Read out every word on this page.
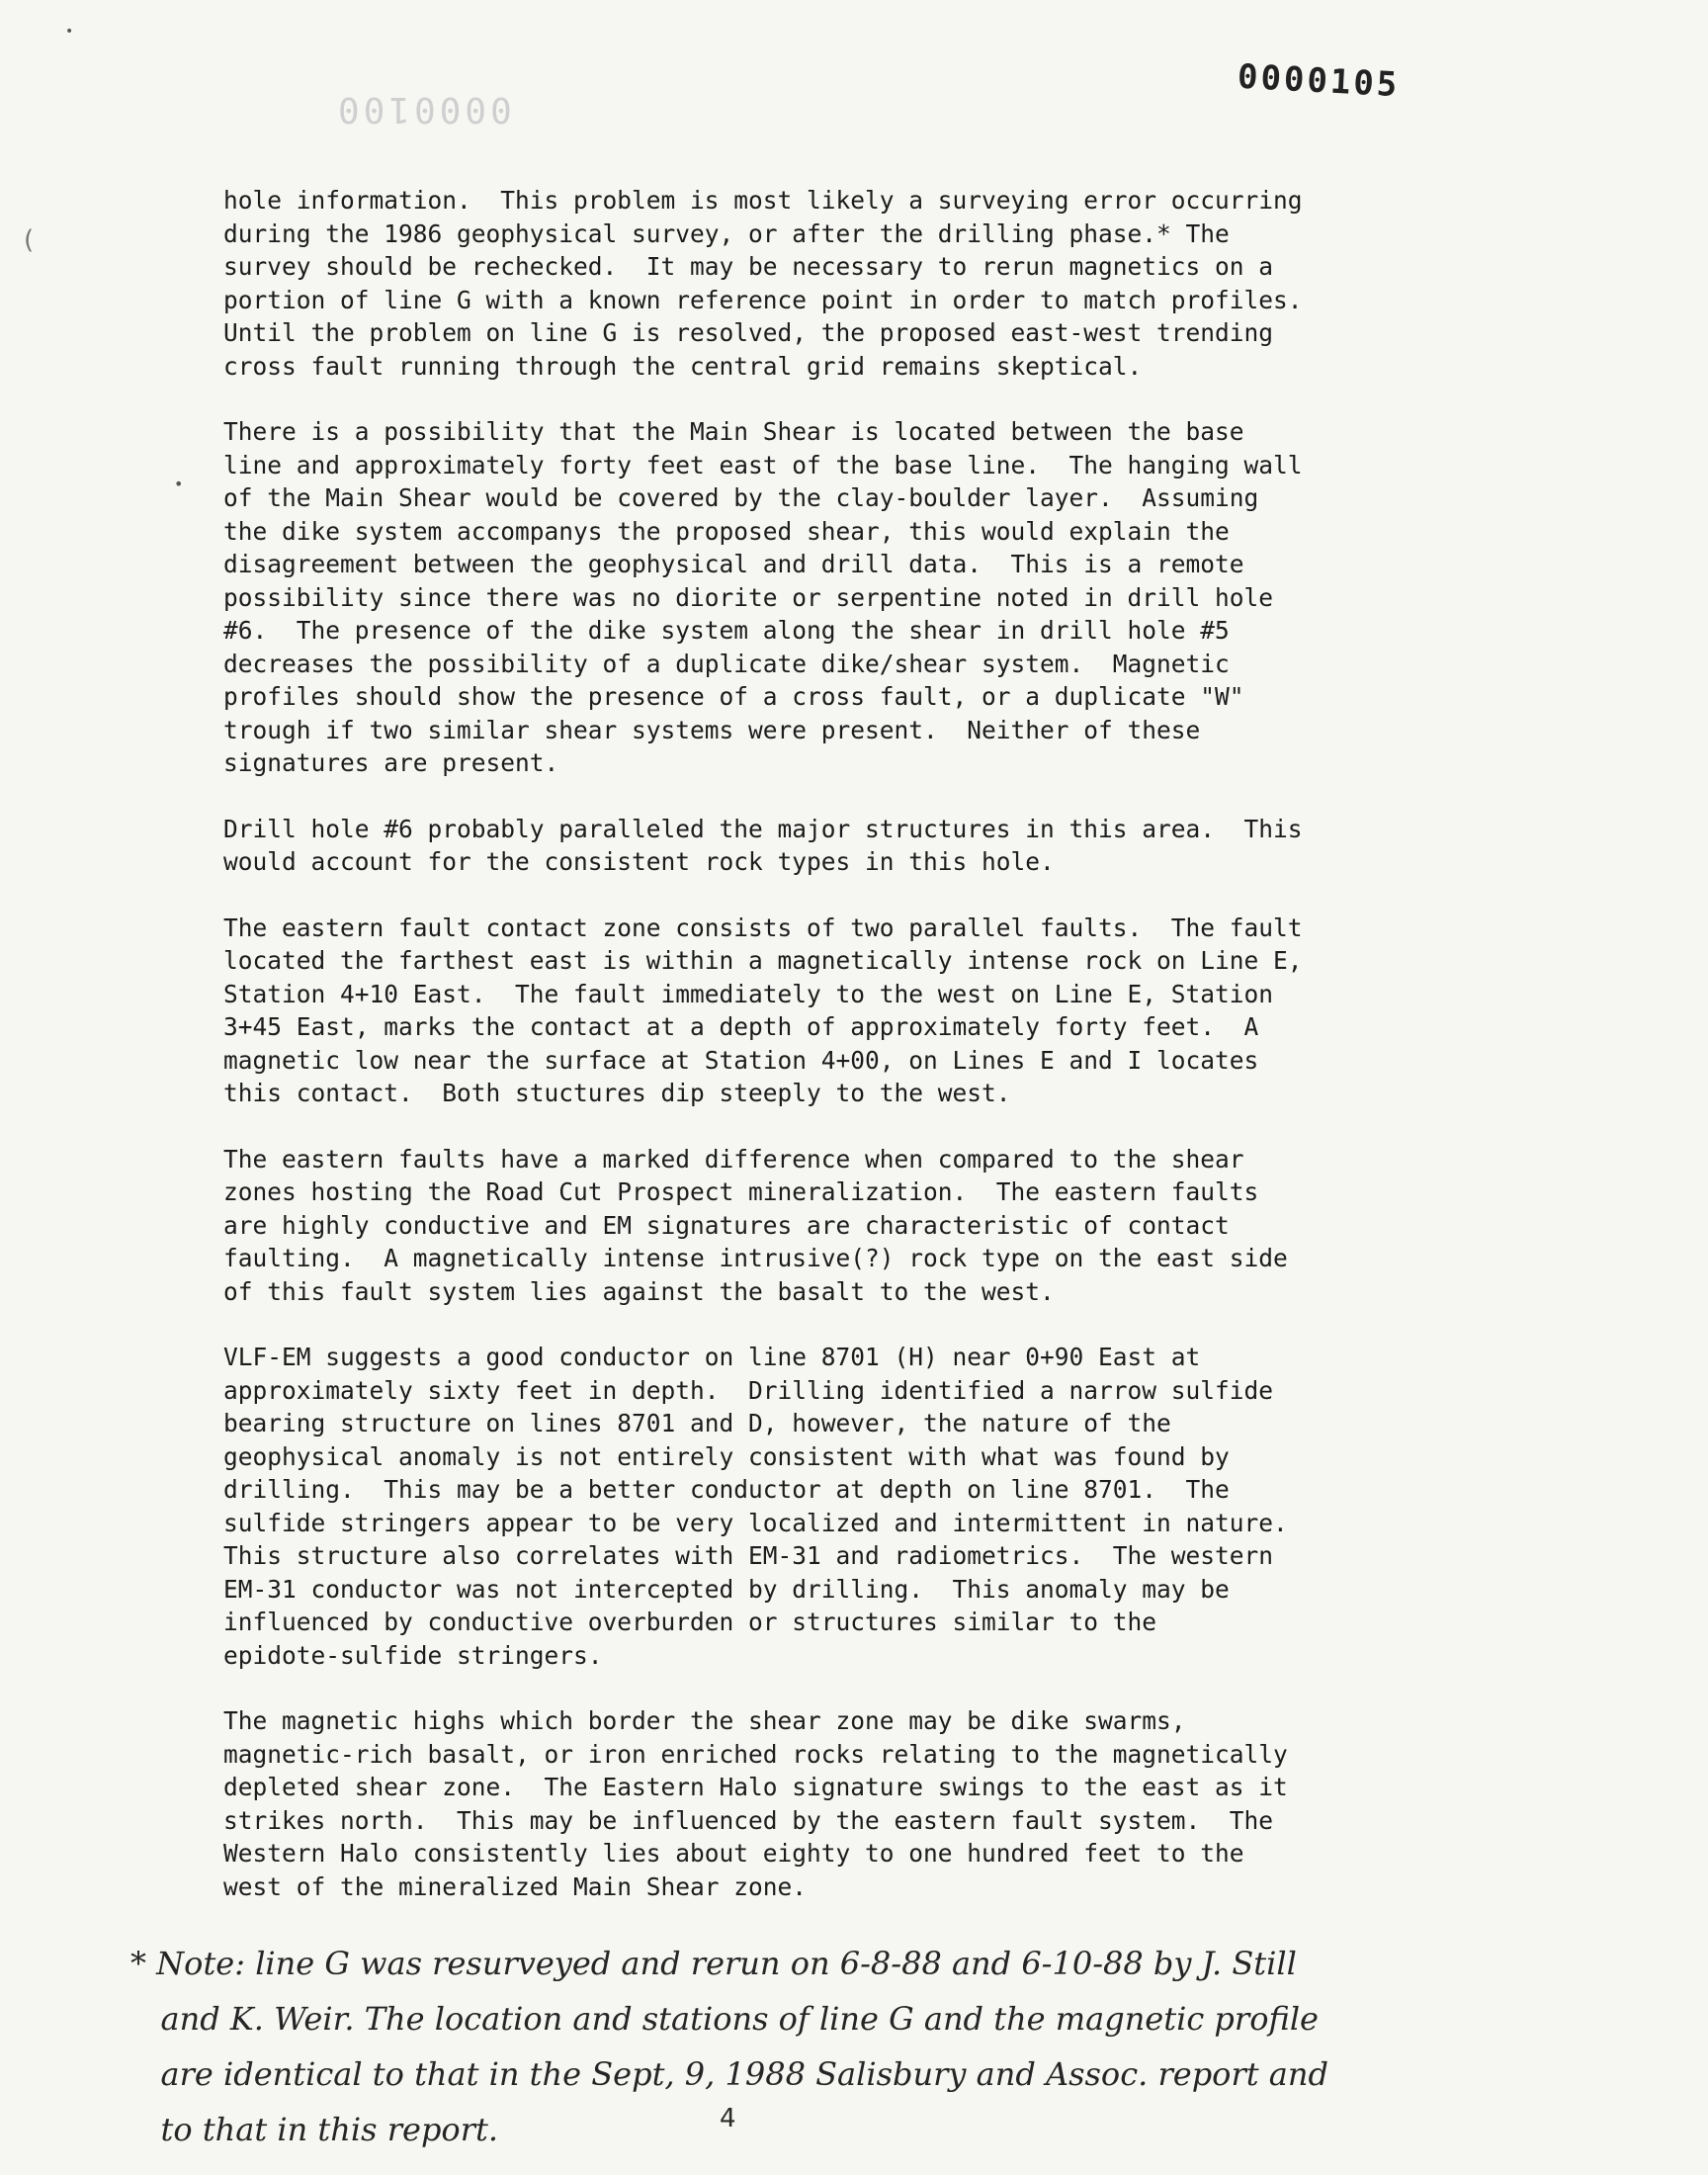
0000105
0000100
•
(
•
hole information.  This problem is most likely a surveying error occurring
during the 1986 geophysical survey, or after the drilling phase.* The
survey should be rechecked.  It may be necessary to rerun magnetics on a
portion of line G with a known reference point in order to match profiles.
Until the problem on line G is resolved, the proposed east-west trending
cross fault running through the central grid remains skeptical.
There is a possibility that the Main Shear is located between the base
line and approximately forty feet east of the base line.  The hanging wall
of the Main Shear would be covered by the clay-boulder layer.  Assuming
the dike system accompanys the proposed shear, this would explain the
disagreement between the geophysical and drill data.  This is a remote
possibility since there was no diorite or serpentine noted in drill hole
#6.  The presence of the dike system along the shear in drill hole #5
decreases the possibility of a duplicate dike/shear system.  Magnetic
profiles should show the presence of a cross fault, or a duplicate "W"
trough if two similar shear systems were present.  Neither of these
signatures are present.
Drill hole #6 probably paralleled the major structures in this area.  This
would account for the consistent rock types in this hole.
The eastern fault contact zone consists of two parallel faults.  The fault
located the farthest east is within a magnetically intense rock on Line E,
Station 4+10 East.  The fault immediately to the west on Line E, Station
3+45 East, marks the contact at a depth of approximately forty feet.  A
magnetic low near the surface at Station 4+00, on Lines E and I locates
this contact.  Both stuctures dip steeply to the west.
The eastern faults have a marked difference when compared to the shear
zones hosting the Road Cut Prospect mineralization.  The eastern faults
are highly conductive and EM signatures are characteristic of contact
faulting.  A magnetically intense intrusive(?) rock type on the east side
of this fault system lies against the basalt to the west.
VLF-EM suggests a good conductor on line 8701 (H) near 0+90 East at
approximately sixty feet in depth.  Drilling identified a narrow sulfide
bearing structure on lines 8701 and D, however, the nature of the
geophysical anomaly is not entirely consistent with what was found by
drilling.  This may be a better conductor at depth on line 8701.  The
sulfide stringers appear to be very localized and intermittent in nature.
This structure also correlates with EM-31 and radiometrics.  The western
EM-31 conductor was not intercepted by drilling.  This anomaly may be
influenced by conductive overburden or structures similar to the
epidote-sulfide stringers.
The magnetic highs which border the shear zone may be dike swarms,
magnetic-rich basalt, or iron enriched rocks relating to the magnetically
depleted shear zone.  The Eastern Halo signature swings to the east as it
strikes north.  This may be influenced by the eastern fault system.  The
Western Halo consistently lies about eighty to one hundred feet to the
west of the mineralized Main Shear zone.
* Note: line G was resurveyed and rerun on 6-8-88 and 6-10-88 by J. Still
and K. Weir. The location and stations of line G and the magnetic profile
are identical to that in the Sept, 9, 1988 Salisbury and Assoc. report and
to that in this report.	4
